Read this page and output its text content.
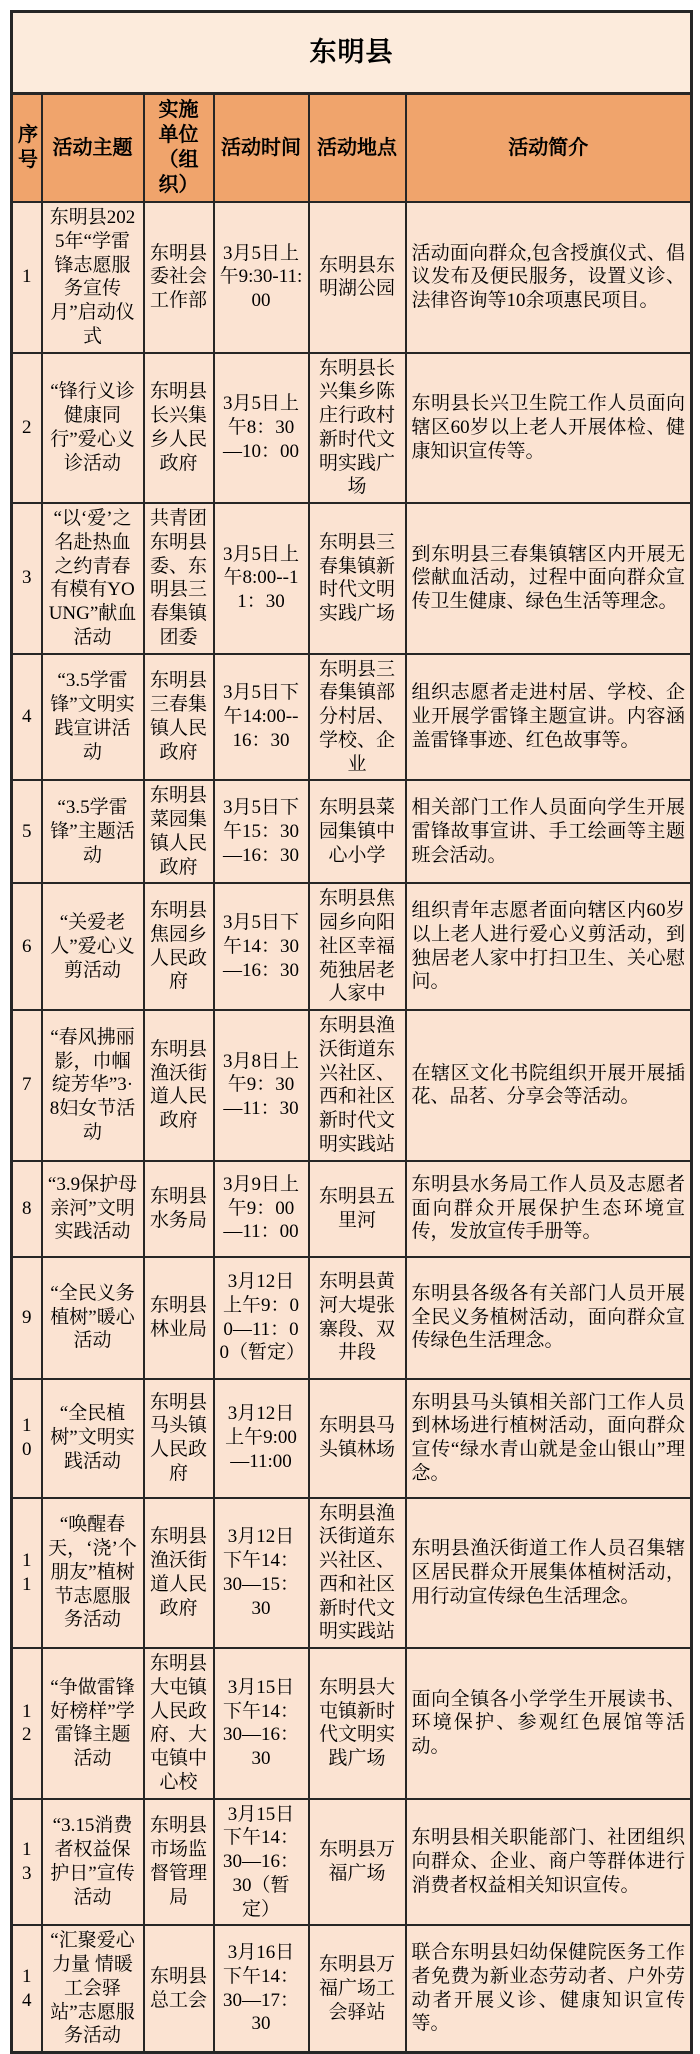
东明县					
序号	活动主题	实施单位（组织）	活动时间	活动地点	活动简介
1	东明县2025年“学雷锋志愿服务宣传月”启动仪式	东明县委社会工作部	3月5日上午9:30-11:00	东明县东明湖公园	活动面向群众,包含授旗仪式、倡议发布及便民服务，设置义诊、法律咨询等10余项惠民项目。
2	“锋行义诊 健康同行”爱心义诊活动	东明县长兴集乡人民政府	3月5日上午8：30—10：00	东明县长兴集乡陈庄行政村新时代文明实践广场	东明县长兴卫生院工作人员面向辖区60岁以上老人开展体检、健康知识宣传等。
3	“以‘爱’之名赴热血之约青春有模有YOUNG”献血活动	共青团东明县委、东明县三春集镇团委	3月5日上午8:00--11：30	东明县三春集镇新时代文明实践广场	到东明县三春集镇辖区内开展无偿献血活动，过程中面向群众宣传卫生健康、绿色生活等理念。
4	“3.5学雷锋”文明实践宣讲活动	东明县三春集镇人民政府	3月5日下午14:00--16：30	东明县三春集镇部分村居、学校、企业	组织志愿者走进村居、学校、企业开展学雷锋主题宣讲。内容涵盖雷锋事迹、红色故事等。
5	“3.5学雷锋”主题活动	东明县菜园集镇人民政府	3月5日下午15：30—16：30	东明县菜园集镇中心小学	相关部门工作人员面向学生开展雷锋故事宣讲、手工绘画等主题班会活动。
6	“关爱老人”爱心义剪活动	东明县焦园乡人民政府	3月5日下午14：30—16：30	东明县焦园乡向阳社区幸福苑独居老人家中	组织青年志愿者面向辖区内60岁以上老人进行爱心义剪活动，到独居老人家中打扫卫生、关心慰问。
7	“春风拂丽影，巾帼绽芳华”3·8妇女节活动	东明县渔沃街道人民政府	3月8日上午9：30—11：30	东明县渔沃街道东兴社区、西和社区新时代文明实践站	在辖区文化书院组织开展开展插花、品茗、分享会等活动。
8	“3.9保护母亲河”文明实践活动	东明县水务局	3月9日上午9：00—11：00	东明县五里河	东明县水务局工作人员及志愿者面向群众开展保护生态环境宣传，发放宣传手册等。
9	“全民义务植树”暖心活动	东明县林业局	3月12日上午9：00—11：00（暂定）	东明县黄河大堤张寨段、双井段	东明县各级各有关部门人员开展全民义务植树活动，面向群众宣传绿色生活理念。
10	“全民植树”文明实践活动	东明县马头镇人民政府	3月12日上午9:00—11:00	东明县马头镇林场	东明县马头镇相关部门工作人员到林场进行植树活动，面向群众宣传“绿水青山就是金山银山”理念。
11	“唤醒春天，‘浇’个朋友”植树节志愿服务活动	东明县渔沃街道人民政府	3月12日下午14：30—15：30	东明县渔沃街道东兴社区、西和社区新时代文明实践站	东明县渔沃街道工作人员召集辖区居民群众开展集体植树活动，用行动宣传绿色生活理念。
12	“争做雷锋好榜样”学雷锋主题活动	东明县大屯镇人民政府、大屯镇中心校	3月15日下午14：30—16：30	东明县大屯镇新时代文明实践广场	面向全镇各小学学生开展读书、环境保护、参观红色展馆等活动。
13	“3.15消费者权益保护日”宣传活动	东明县市场监督管理局	3月15日下午14：30—16：30（暂定）	东明县万福广场	东明县相关职能部门、社团组织向群众、企业、商户等群体进行消费者权益相关知识宣传。
14	“汇聚爱心力量 情暖工会驿站”志愿服务活动	东明县总工会	3月16日下午14：30—17：30	东明县万福广场工会驿站	联合东明县妇幼保健院医务工作者免费为新业态劳动者、户外劳动者开展义诊、健康知识宣传等。
